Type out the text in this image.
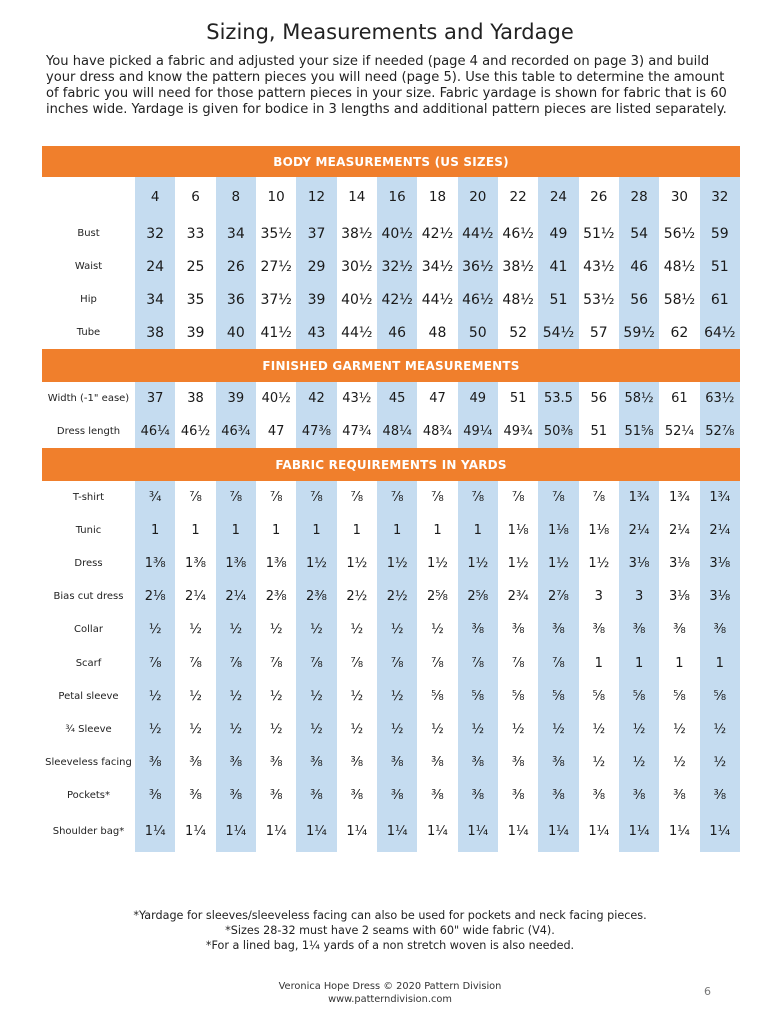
Sizing, Measurements and Yardage
You have picked a fabric and adjusted your size if needed (page 4 and recorded on page 3) and build your dress and know the pattern pieces you will need (page 5). Use this table to determine the amount of fabric you will need for those pattern pieces in your size. Fabric yardage is shown for fabric that is 60 inches wide. Yardage is given for bodice in 3 lengths and additional pattern pieces are listed separately.
BODY MEASUREMENTS (US SIZES)															
	4	6	8	10	12	14	16	18	20	22	24	26	28	30	32
Bust	32	33	34	35½	37	38½	40½	42½	44½	46½	49	51½	54	56½	59
Waist	24	25	26	27½	29	30½	32½	34½	36½	38½	41	43½	46	48½	51
Hip	34	35	36	37½	39	40½	42½	44½	46½	48½	51	53½	56	58½	61
Tube	38	39	40	41½	43	44½	46	48	50	52	54½	57	59½	62	64½
FINISHED GARMENT MEASUREMENTS															
Width (-1" ease)	37	38	39	40½	42	43½	45	47	49	51	53.5	56	58½	61	63½
Dress length	46¼	46½	46¾	47	47⅜	47¾	48¼	48¾	49¼	49¾	50⅜	51	51⅝	52¼	52⅞
FABRIC REQUIREMENTS IN YARDS															
T-shirt	¾	⅞	⅞	⅞	⅞	⅞	⅞	⅞	⅞	⅞	⅞	⅞	1¾	1¾	1¾
Tunic	1	1	1	1	1	1	1	1	1	1⅛	1⅛	1⅛	2¼	2¼	2¼
Dress	1⅜	1⅜	1⅜	1⅜	1½	1½	1½	1½	1½	1½	1½	1½	3⅛	3⅛	3⅛
Bias cut dress	2⅛	2¼	2¼	2⅜	2⅜	2½	2½	2⅝	2⅝	2¾	2⅞	3	3	3⅛	3⅛
Collar	½	½	½	½	½	½	½	½	⅜	⅜	⅜	⅜	⅜	⅜	⅜
Scarf	⅞	⅞	⅞	⅞	⅞	⅞	⅞	⅞	⅞	⅞	⅞	1	1	1	1
Petal sleeve	½	½	½	½	½	½	½	⅝	⅝	⅝	⅝	⅝	⅝	⅝	⅝
¾ Sleeve	½	½	½	½	½	½	½	½	½	½	½	½	½	½	½
Sleeveless facing	⅜	⅜	⅜	⅜	⅜	⅜	⅜	⅜	⅜	⅜	⅜	½	½	½	½
Pockets*	⅜	⅜	⅜	⅜	⅜	⅜	⅜	⅜	⅜	⅜	⅜	⅜	⅜	⅜	⅜
Shoulder bag*	1¼	1¼	1¼	1¼	1¼	1¼	1¼	1¼	1¼	1¼	1¼	1¼	1¼	1¼	1¼
*Yardage for sleeves/sleeveless facing can also be used for pockets and neck facing pieces.
*Sizes 28-32 must have 2 seams with 60" wide fabric (V4).
*For a lined bag, 1¼ yards of a non stretch woven is also needed.
6
Veronica Hope Dress © 2020 Pattern Division
www.patterndivision.com
